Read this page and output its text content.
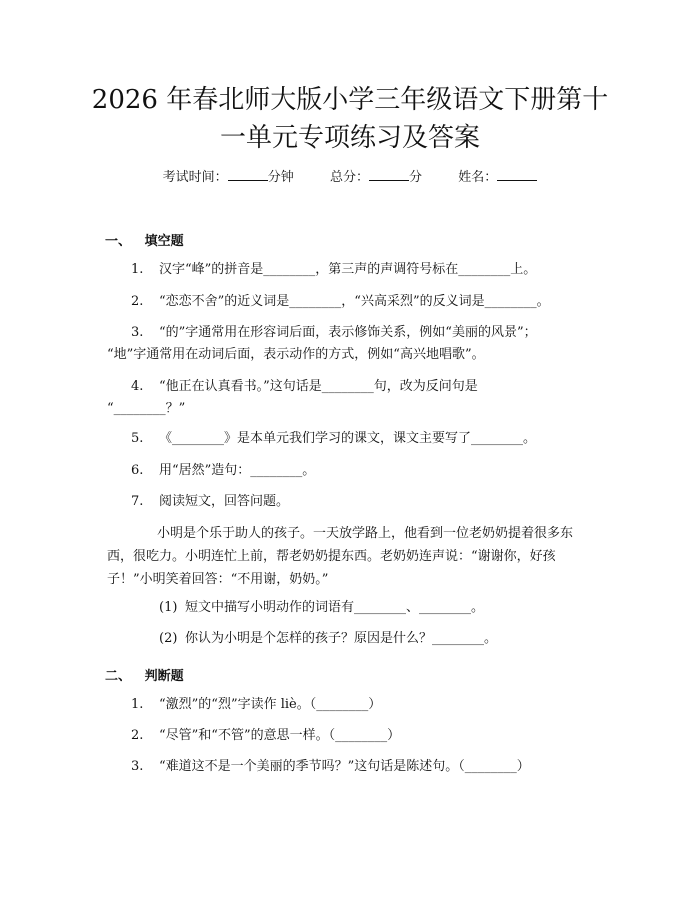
2026 年春北师大版小学三年级语文下册第十
一单元专项练习及答案
考试时间：	分钟	总分：	分	姓名：
一、   填空题
1. 汉字“峰”的拼音是________，第三声的声调符号标在________上。
2. “恋恋不舍”的近义词是________，“兴高采烈”的反义词是________。
3. “的”字通常用在形容词后面，表示修饰关系，例如“美丽的风景”；
“地”字通常用在动词后面，表示动作的方式，例如“高兴地唱歌”。
4. “他正在认真看书。”这句话是________句，改为反问句是
“________？”
5. 《________》是本单元我们学习的课文，课文主要写了________。
6. 用“居然”造句：________。
7. 阅读短文，回答问题。
小明是个乐于助人的孩子。一天放学路上，他看到一位老奶奶提着很多东
西，很吃力。小明连忙上前，帮老奶奶提东西。老奶奶连声说：“谢谢你，好孩
子！”小明笑着回答：“不用谢，奶奶。”
(1) 短文中描写小明动作的词语有________、________。
(2) 你认为小明是个怎样的孩子？原因是什么？________。
二、   判断题
1. “激烈”的“烈”字读作 liè。（________）
2. “尽管”和“不管”的意思一样。（________）
3. “难道这不是一个美丽的季节吗？”这句话是陈述句。（________）
